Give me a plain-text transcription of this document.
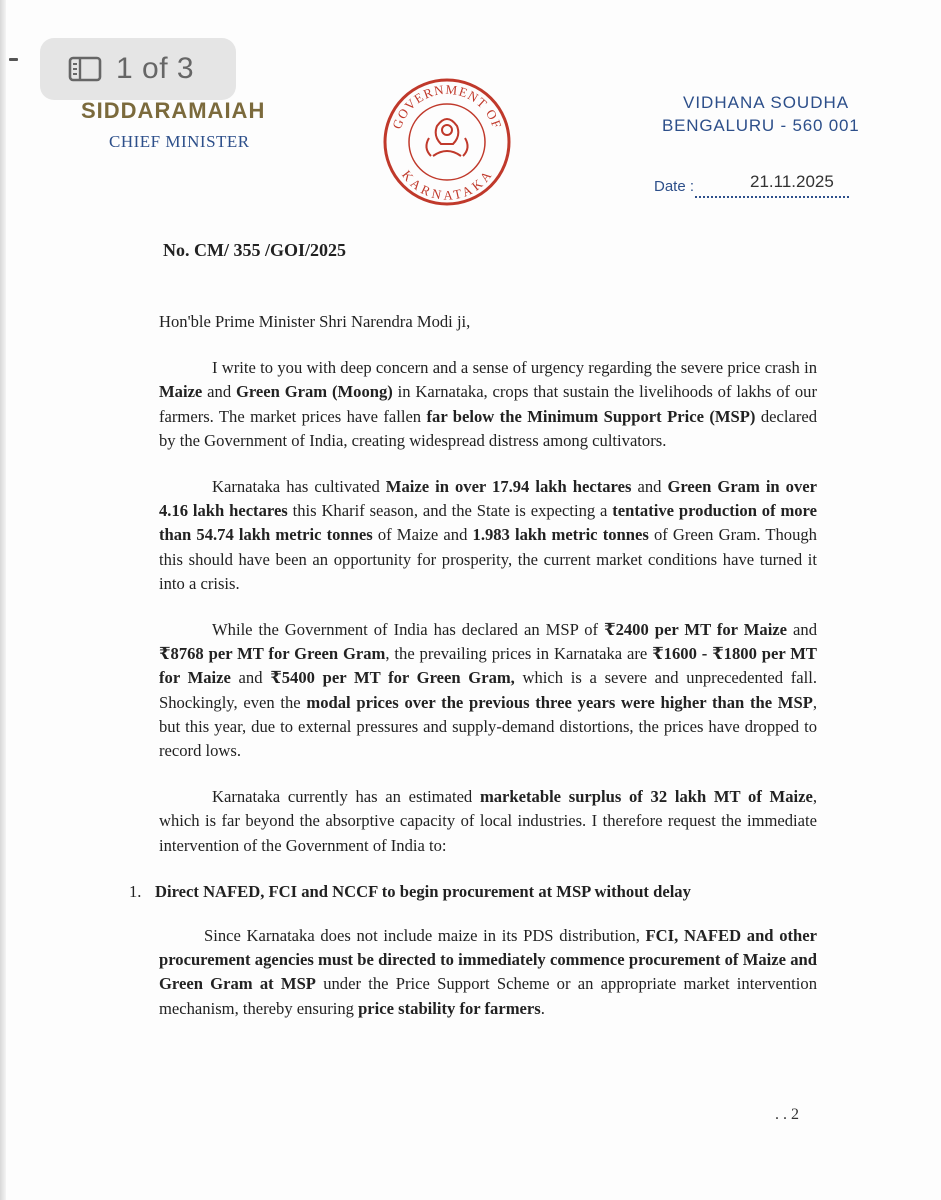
1 of 3
SIDDARAMAIAH
CHIEF MINISTER
GOVERNMENT OF
KARNATAKA
VIDHANA SOUDHA
BENGALURU - 560 001
Date :	21.11.2025
No. CM/ 355 /GOI/2025

Hon'ble Prime Minister Shri Narendra Modi ji,

I write to you with deep concern and a sense of urgency regarding the severe price crash in Maize and Green Gram (Moong) in Karnataka, crops that sustain the livelihoods of lakhs of our farmers. The market prices have fallen far below the Minimum Support Price (MSP) declared by the Government of India, creating widespread distress among cultivators.

Karnataka has cultivated Maize in over 17.94 lakh hectares and Green Gram in over 4.16 lakh hectares this Kharif season, and the State is expecting a tentative production of more than 54.74 lakh metric tonnes of Maize and 1.983 lakh metric tonnes of Green Gram. Though this should have been an opportunity for prosperity, the current market conditions have turned it into a crisis.

While the Government of India has declared an MSP of ₹2400 per MT for Maize and ₹8768 per MT for Green Gram, the prevailing prices in Karnataka are ₹1600 - ₹1800 per MT for Maize and ₹5400 per MT for Green Gram, which is a severe and unprecedented fall. Shockingly, even the modal prices over the previous three years were higher than the MSP, but this year, due to external pressures and supply-demand distortions, the prices have dropped to record lows.

Karnataka currently has an estimated marketable surplus of 32 lakh MT of Maize, which is far beyond the absorptive capacity of local industries. I therefore request the immediate intervention of the Government of India to:

1. Direct NAFED, FCI and NCCF to begin procurement at MSP without delay

Since Karnataka does not include maize in its PDS distribution, FCI, NAFED and other procurement agencies must be directed to immediately commence procurement of Maize and Green Gram at MSP under the Price Support Scheme or an appropriate market intervention mechanism, thereby ensuring price stability for farmers.

. . 2
